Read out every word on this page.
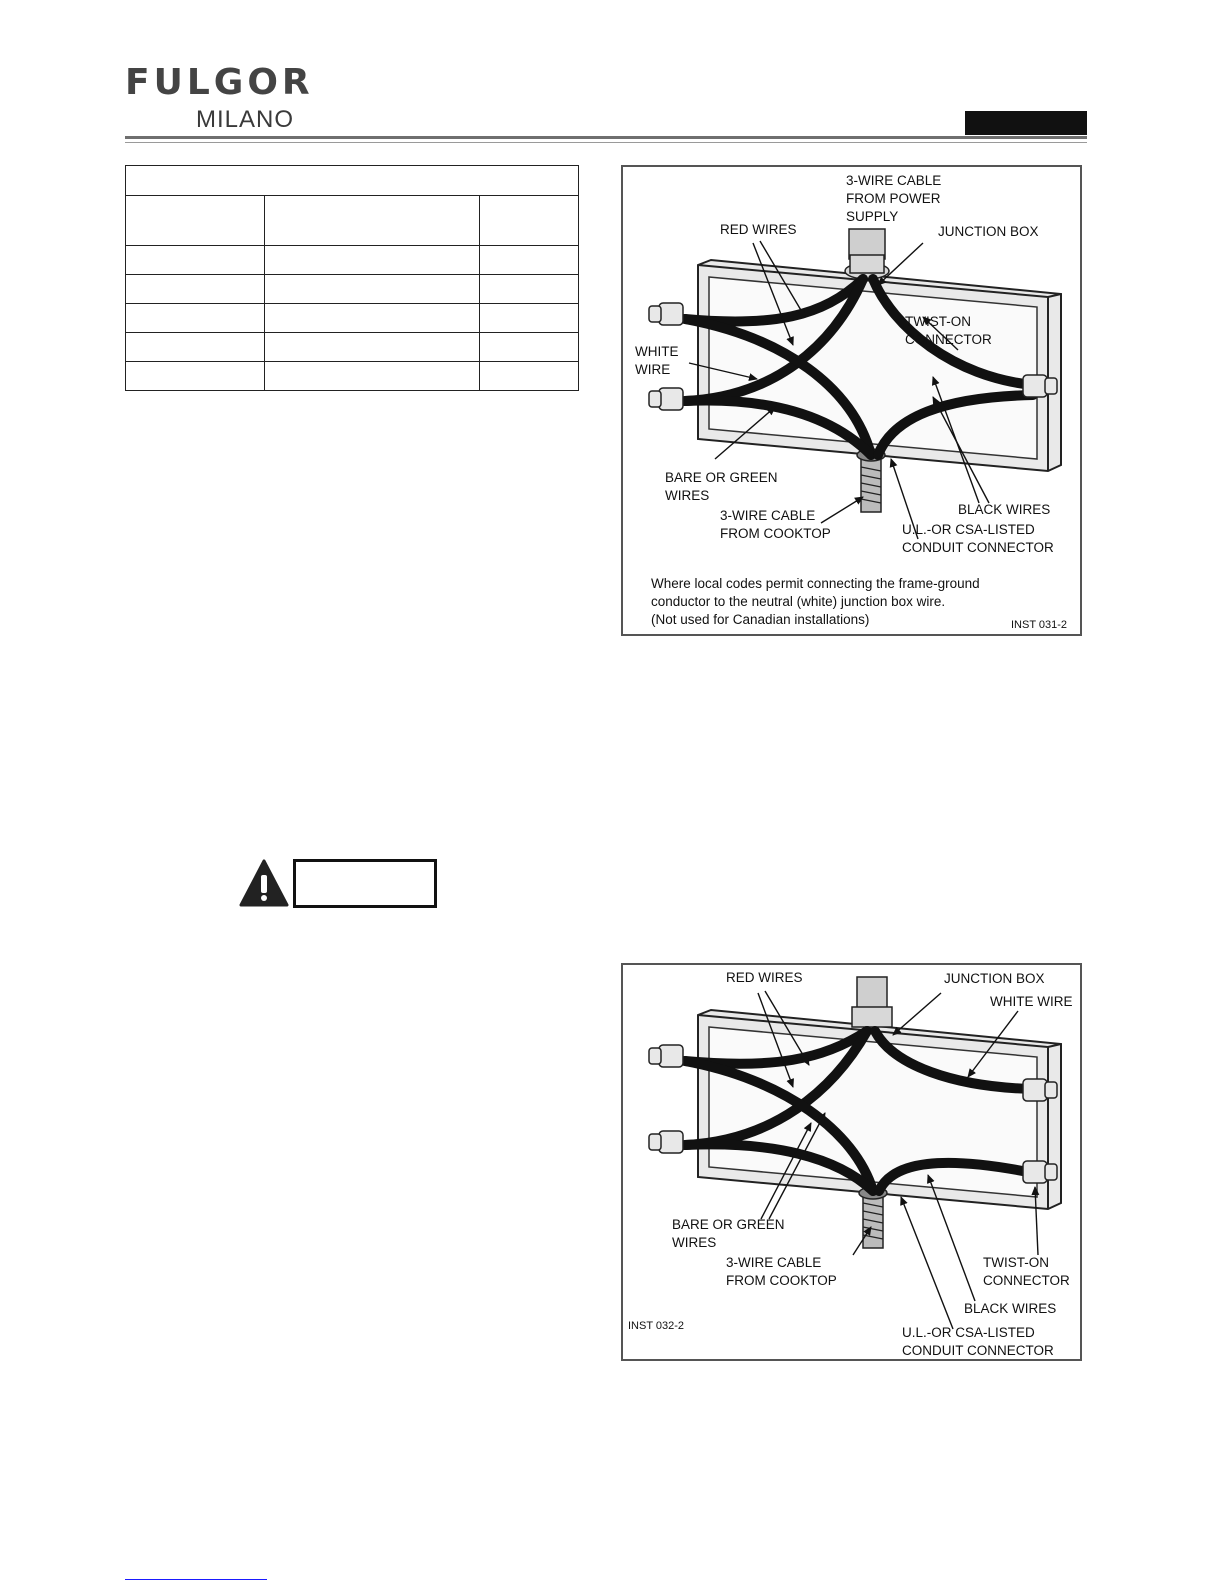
FULGOR

MILANO

3-WIRE CABLE
FROM POWER
SUPPLY

RED WIRES	JUNCTION BOX

TWIST-ON
CONNECTOR
WHITE
WIRE
BARE OR GREEN
WIRES

BLACK WIRES

3-WIRE CABLE
FROM COOKTOP	U.L.-OR CSA-LISTED
CONDUIT CONNECTOR
Where local codes permit connecting the frame-ground
conductor to the neutral (white) junction box wire.
(Not used for Canadian installations)	INST 031-2

RED WIRES	JUNCTION BOX

WHITE WIRE

BARE OR GREEN
WIRES
3-WIRE CABLE
FROM COOKTOP
TWIST-ON
CONNECTOR

BLACK WIRES

INST 032-2	U.L.-OR CSA-LISTED
CONDUIT CONNECTOR
